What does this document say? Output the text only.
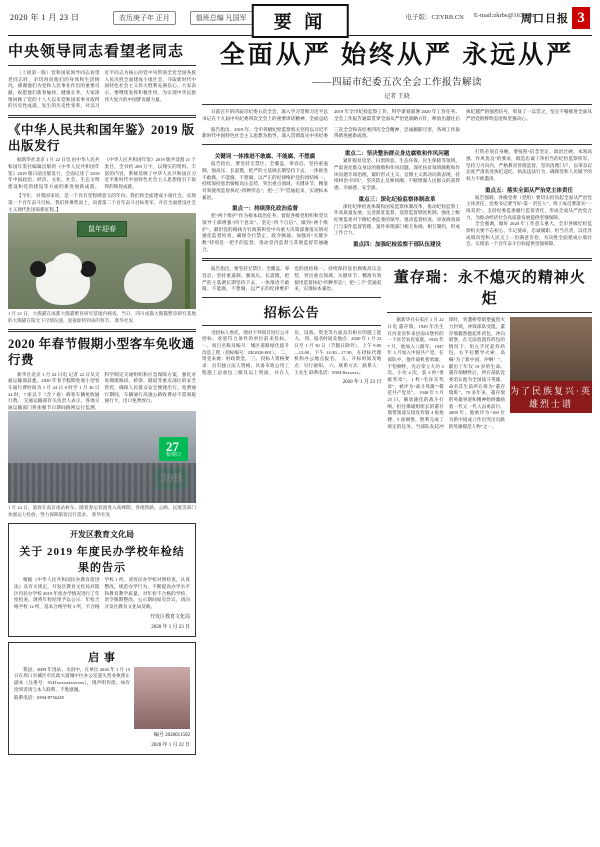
2020 年 1 月 23 日	农历庚子年 正月	值班总编 凡国军	要 闻	电子版：CZYRB.CN E-mail:zkrbs@163.com
周口日报 3
中央领导同志看望老同志
（上接第一版）党和国家领导同志看望老同志时，亲切询问他们的身体和生活情况，感谢他们为党和人民事业作出的重要贡献，祝愿他们新春愉快、健康长寿。大家深情回顾了党的十八大以来党和国家事业取得的历史性成就、发生的历史性变革，对以习近平同志为核心的党中央带领全党全国各族人民决胜全面建成小康社会、夺取新时代中国特色社会主义伟大胜利充满信心。大家表示，要继续发挥积极作用，为实现中华民族伟大复兴的中国梦贡献力量。
《中华人民共和国年鉴》2019 版出版发行
据新华社北京 1 月 22 日电 由中华人民共和国年鉴社编辑出版的《中华人民共和国年鉴》2019 版日前出版发行，全面记述了 2018 年中国政治、经济、文化、社会、生态文明建设和党的建设等方面的新进展新成就。 《中华人民共和国年鉴》2019 版共设置 21 个类目，全书约 200 万字，以翔实的资料、丰富的内容，系统反映了中华人民共和国在习近平新时代中国特色社会主义思想指引下取得的辉煌成就。
【今年，对我国来说，是一个具有里程碑意义的年份。我们将全面建成小康社会，实现第一个百年奋斗目标。我们将乘势而上，向着第二个百年奋斗目标进军，开启全面建设社会主义现代化国家新征程。】
鼠年迎春
1 月 21 日，大熊猫在成都大熊猫繁育研究基地内嬉戏。当日，四川成都大熊猫繁育研究基地的大熊猫在阳光下尽情玩耍，迎接即将到来的春节。 新华社发
2020 年春节假期小型客车免收通行费
新华社北京 1 月 22 日电 记者 22 日从交通运输部获悉，2020 年春节假期免收小型客车通行费时间为 1 月 24 日 0 时至 1 月 30 日 24 时，7 座以下（含 7 座）载客车辆免收通行费。 交通运输部有关负责人表示，各地交通运输部门将加强节日期间路网运行监测，科学制定交通组织和应急保障方案，强化对易拥堵路段、桥梁、隧道等重点部位的安全管控，确保人民群众安全便捷出行。免费通行期间，车辆通行高速公路收费站不需领取通行卡，出口免费放行。
27
检票口
1 月 22 日，旅客在南京南站候车。随着春运客流进入高峰期，各地铁路、公路、民航等部门加强运力投放，努力保障旅客出行需求。 新华社发
开发区教育文化局
关于 2019 年度民办学校年检结果的告示
根据《中华人民共和国民办教育促进法》及有关规定，开发区教育文化局对辖区内民办学校 2019 年度办学情况进行了年度检查。现将年检结果予以公示：年检合格学校 12 所，基本合格学校 3 所，不合格学校 1 所。请各民办学校对照检查，认真整改，规范办学行为，不断提高办学水平和教育教学质量。对年检不合格的学校，责令限期整改。公示期间如有异议，请向开发区教育文化局反映。
开发区教育文化局
2020 年 1 月 23 日
启 事
我县，2009 年进站、水浴中，在单位 2020 年 1 月 15 日在周口市城区市民政大道城中区办公室遗失营业执照正副本（注册号：9141xxxxxxxxxxxx），现声明作废。如有拾到者请与本人联系，不胜感激。
联系电话：0394-8736228
编号 2020011502
2020 年 1 月 22 日
全面从严 始终从严 永远从严
——四届市纪委五次全会工作报告解读
记者 王晓
日前召开的四届市纪委五次全会，深入学习贯彻习近平总书记在十九届中央纪委四次全会上的重要讲话精神，全面总结 2019 年全市纪检监察工作，科学谋划部署 2020 年工作任务。全会工作报告通篇贯穿全面从严治党战略方针，释放出越往后执纪越严的强烈信号，彰显了一以贯之、坚定不移推进全面从严治党的鲜明态度和坚强决心。
报告指出，2019 年，全市各级纪检监察机关坚持以习近平新时代中国特色社会主义思想为指导，深入贯彻落实中央纪委三次全会和省纪委四次全会精神，忠诚履职尽责，各项工作取得新进展新成效。
关键词 一体推进不敢腐、不能腐、不想腐
报告指出，要坚持无禁区、全覆盖、零容忍，坚持重遏制、强高压、长震慑，把严的主基调长期坚持下去，一体推进不敢腐、不能腐、不想腐，以严正的纪律维护党的团结统一。持续保持惩治腐败高压态势，突出重点领域、关键环节，精准有效使用监督执纪“四种形态”，把“三不”贯通起来，实现标本兼治。
重点一：持续深化政治监督
把“两个维护”作为根本政治任务，督促各级党组织和党员领导干部增强“四个意识”、坚定“四个自信”、做到“两个维护”。紧扣党的路线方针政策和党中央重大决策部署落实情况强化监督检查，确保令行禁止、政令畅通。加强对“关键少数”特别是一把手的监督，推动党内监督与其他监督贯通融合。
重点二：坚决整治群众身边腐败和作风问题
紧盯脱贫攻坚、扫黑除恶、生态环保、民生保障等领域，严肃查处群众身边的腐败和作风问题。深化扶贫领域腐败和作风问题专项治理，紧盯形式主义、官僚主义新动向新表现，持续纠治“四风”，坚决防止反弹回潮，不断增强人民群众的获得感、幸福感、安全感。
重点三：深化纪检监察体制改革
深化纪律检查体制和国家监察体制改革，推动纪检监察工作高质量发展。完善派驻监督、巡察监督制度机制，强化上级纪委监委对下级纪委监委的领导。推动监督检查、审查调查部门与案件监督管理、案件审理部门相互协调、相互制约，形成工作合力。
重点四：加强纪检监察干部队伍建设
打铁必须自身硬。要按照“信念坚定、政治过硬、本领高强、作风优良”的要求，锻造忠诚干净担当的纪检监察铁军。坚持刀刃向内，严格教育管理监督，坚决清理门户，以零容忍态度严肃查处执纪违纪、执法违法行为，确保党和人民赋予的权力不被滥用。
重点五：落实全面从严治党主体责任
报告强调，各级党委（党组）要切实担负起全面从严治党主体责任，党委书记要当好“第一责任人”，班子成员要落实“一岗双责”。支持纪委监委履行监督责任，形成全面从严治党合力，为推动经济社会高质量发展提供坚强保障。
全会强调，做好 2020 年工作意义重大。全市各级纪检监察机关要不忘初心、牢记使命，忠诚履职、担当尽责，以优异成绩向党和人民交上一份满意答卷，为决胜全面建成小康社会、实现第一个百年奋斗目标提供坚强保障。
报告指出，要坚持无禁区、全覆盖、零容忍，坚持重遏制、强高压、长震慑，把严的主基调长期坚持下去，一体推进不敢腐、不能腐、不想腐，以严正的纪律维护党的团结统一。持续保持惩治腐败高压态势，突出重点领域、关键环节，精准有效使用监督执纪“四种形态”，把“三不”贯通起来，实现标本兼治。
招标公告
受招标人委托，现对下列项目进行公开招标，欢迎符合条件的单位前来投标。 一、项目名称及编号：城区道路绿化提升改造工程（招标编号：ZK2020-001）。 二、资金来源：财政资金。 三、投标人资格要求：具有独立法人资格，具备市政公用工程施工总承包三级及以上资质，并在人员、设备、资金等方面具有相应的施工能力。 四、报名时间及地点：2020 年 1 月 23 日至 1 月 30 日（节假日除外），上午 9:00—12:00，下午 14:30—17:30，在招标代理机构办公地点报名。 五、开标时间及地点：另行通知。 六、联系方式：联系人：王先生 联系电话：0394-8xxxxxx。
2020 年 1 月 23 日
董存瑞：永不熄灭的精神火炬
据新华社石家庄 1 月 22 日电 董存瑞，1929 年出生在河北省怀来县南山堡村的一个贫苦农民家庭。1945 年 7 月，他加入八路军，1947 年 3 月加入中国共产党。在部队中，他作战机智勇敢，不怕牺牲，先后荣立大功 3 次、小功 4 次，获 3 枚“勇敢奖章”、1 枚“毛泽东奖章”，被评为“战斗英雄”“模范共产党员”。 1948 年 5 月 25 日，解放隆化的战斗打响。担任爆破组组长的董存瑞带领战友接连炸毁 4 座炮楼、5 座碉堡，胜利完成了规定的任务。当部队发起冲锋时，突遭桥型暗堡猛烈火力封锁，冲锋部队受阻。董存瑞毅然抱起炸药包，冲向暗堡，在无法放置炸药包的情况下，用左手托起炸药包，右手拉燃导火索，高喊“为了新中国，冲啊！”，献出了年仅 19 岁的生命。 董存瑞牺牲后，所在部队党委追认他为全国战斗英雄，命名其生前所在班为“董存瑞班”。70 多年来，董存瑞的英雄事迹和精神始终激励着一代又一代人奋勇前行。2009 年，他被评为“100 位为新中国成立作出突出贡献的英雄模范人物”之一。
为了民族复兴·英雄烈士谱
